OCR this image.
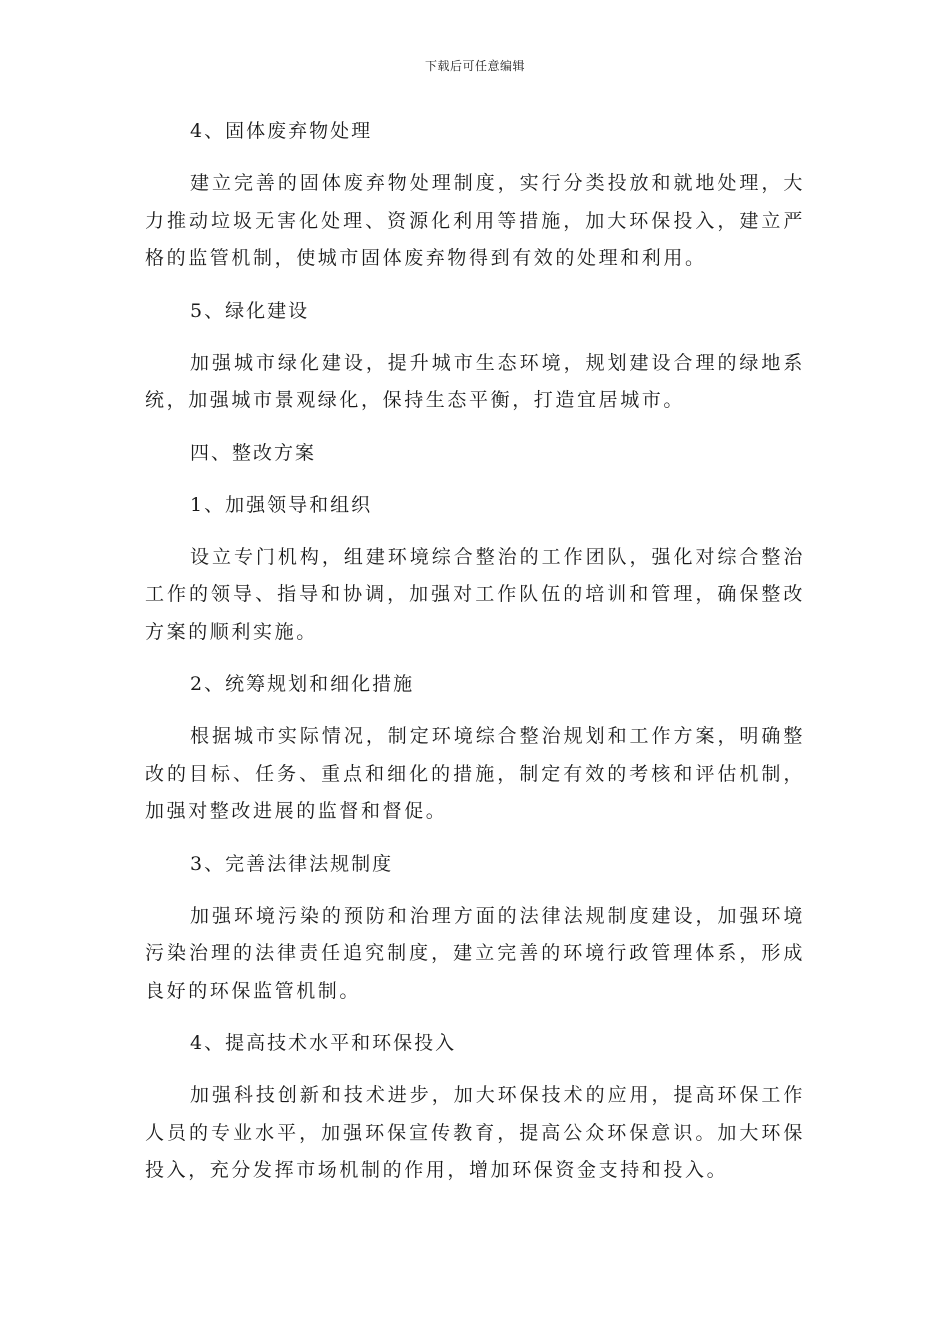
下载后可任意编辑

4、固体废弃物处理

建立完善的固体废弃物处理制度，实行分类投放和就地处理，大力推动垃圾无害化处理、资源化利用等措施，加大环保投入，建立严格的监管机制，使城市固体废弃物得到有效的处理和利用。

5、绿化建设

加强城市绿化建设，提升城市生态环境，规划建设合理的绿地系统，加强城市景观绿化，保持生态平衡，打造宜居城市。

四、整改方案

1、加强领导和组织

设立专门机构，组建环境综合整治的工作团队，强化对综合整治工作的领导、指导和协调，加强对工作队伍的培训和管理，确保整改方案的顺利实施。

2、统筹规划和细化措施

根据城市实际情况，制定环境综合整治规划和工作方案，明确整改的目标、任务、重点和细化的措施，制定有效的考核和评估机制，加强对整改进展的监督和督促。

3、完善法律法规制度

加强环境污染的预防和治理方面的法律法规制度建设，加强环境污染治理的法律责任追究制度，建立完善的环境行政管理体系，形成良好的环保监管机制。

4、提高技术水平和环保投入

加强科技创新和技术进步，加大环保技术的应用，提高环保工作人员的专业水平，加强环保宣传教育，提高公众环保意识。加大环保投入，充分发挥市场机制的作用，增加环保资金支持和投入。
